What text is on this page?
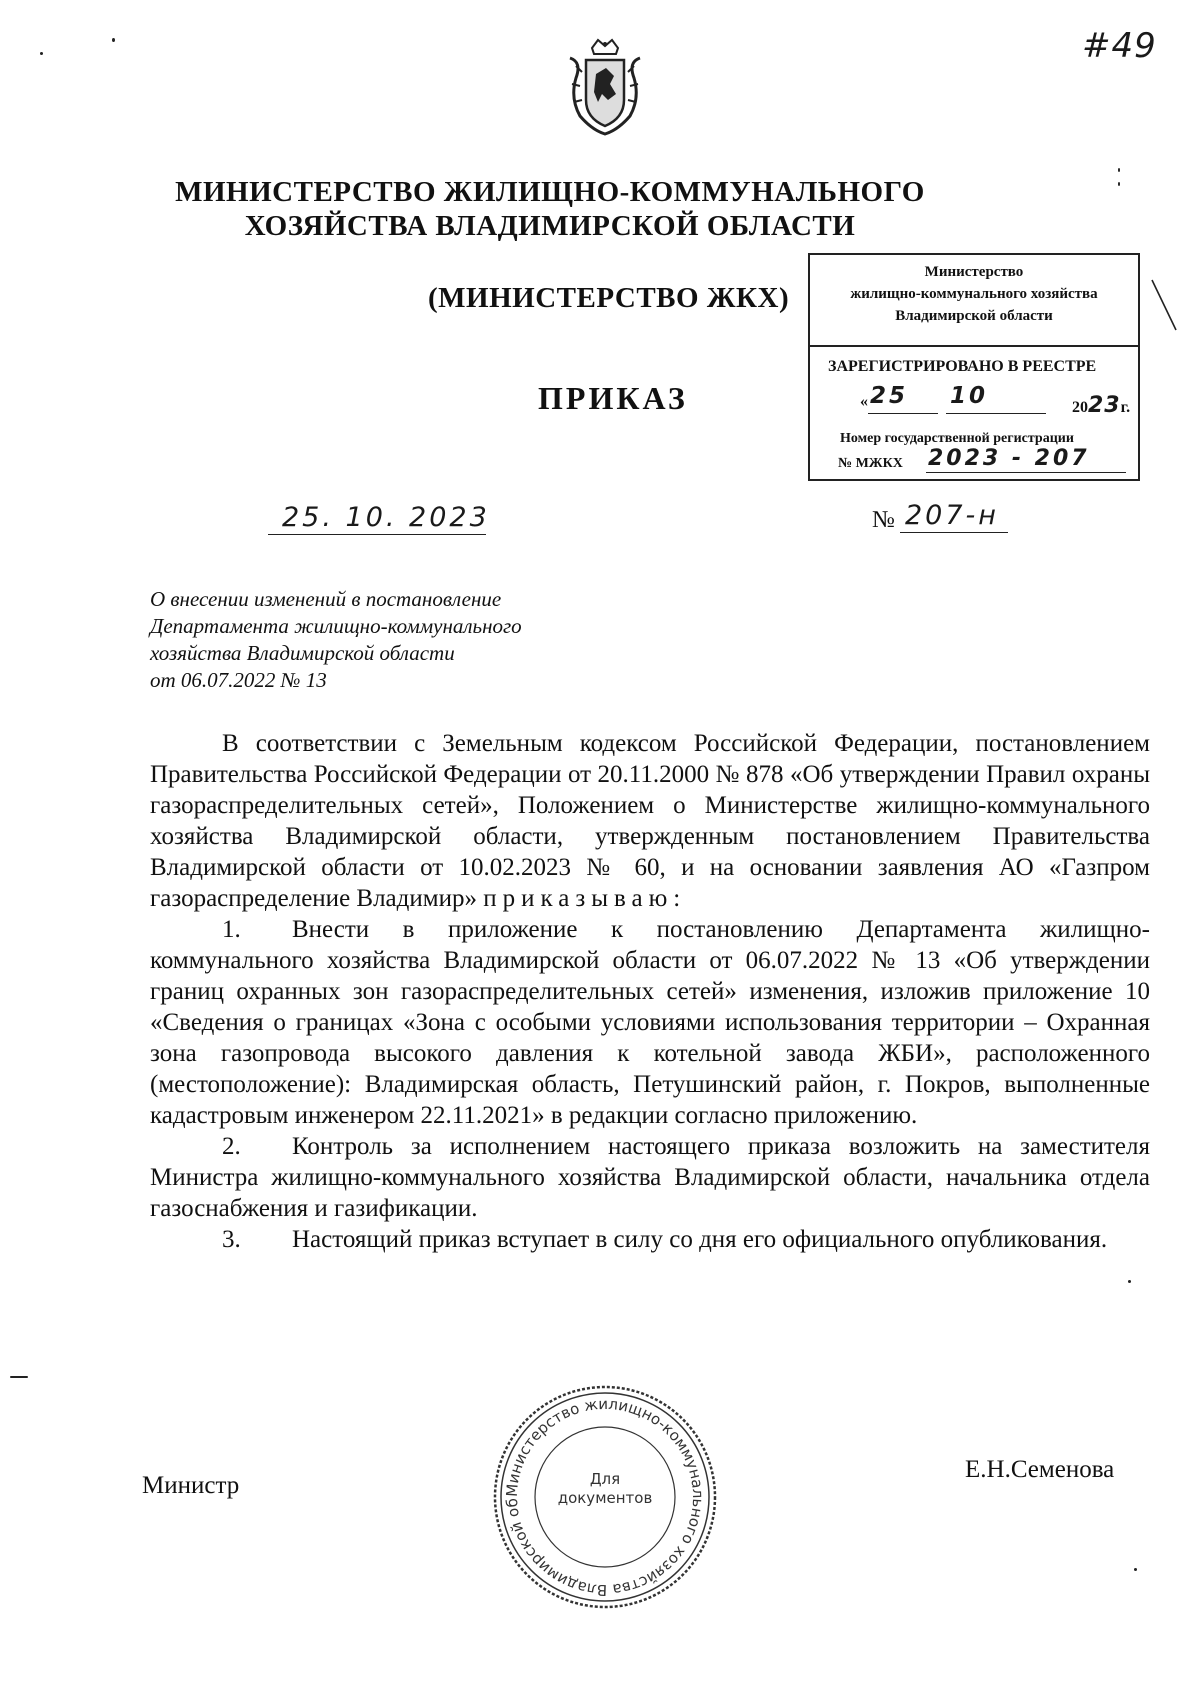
#49
МИНИСТЕРСТВО ЖИЛИЩНО-КОММУНАЛЬНОГО
ХОЗЯЙСТВА ВЛАДИМИРСКОЙ ОБЛАСТИ
(МИНИСТЕРСТВО ЖКХ)
ПРИКАЗ
Министерство
жилищно-коммунального хозяйства
Владимирской области
ЗАРЕГИСТРИРОВАНО В РЕЕСТРЕ
« 25 10	2023г.
Номер государственной регистрации
№ МЖКХ 2023 - 207
25. 10. 2023	№ 207-н
О внесении изменений в постановление
Департамента жилищно-коммунального
хозяйства Владимирской области
от 06.07.2022 № 13

В соответствии с Земельным кодексом Российской Федерации, постановлением Правительства Российской Федерации от 20.11.2000 № 878 «Об утверждении Правил охраны газораспределительных сетей», Положением о Министерстве жилищно-коммунального хозяйства Владимирской области, утвержденным постановлением Правительства Владимирской области от 10.02.2023 № 60, и на основании заявления АО «Газпром газораспределение Владимир» приказываю:

1. Внести в приложение к постановлению Департамента жилищно-коммунального хозяйства Владимирской области от 06.07.2022 № 13 «Об утверждении границ охранных зон газораспределительных сетей» изменения, изложив приложение 10 «Сведения о границах «Зона с особыми условиями использования территории – Охранная зона газопровода высокого давления к котельной завода ЖБИ», расположенного (местоположение): Владимирская область, Петушинский район, г. Покров, выполненные кадастровым инженером 22.11.2021» в редакции согласно приложению.

2. Контроль за исполнением настоящего приказа возложить на заместителя Министра жилищно-коммунального хозяйства Владимирской области, начальника отдела газоснабжения и газификации.

3. Настоящий приказ вступает в силу со дня его официального опубликования.

Министр
Е.Н.Семенова
Министерство жилищно-коммунального хозяйства Владимирской об
Для
документов
